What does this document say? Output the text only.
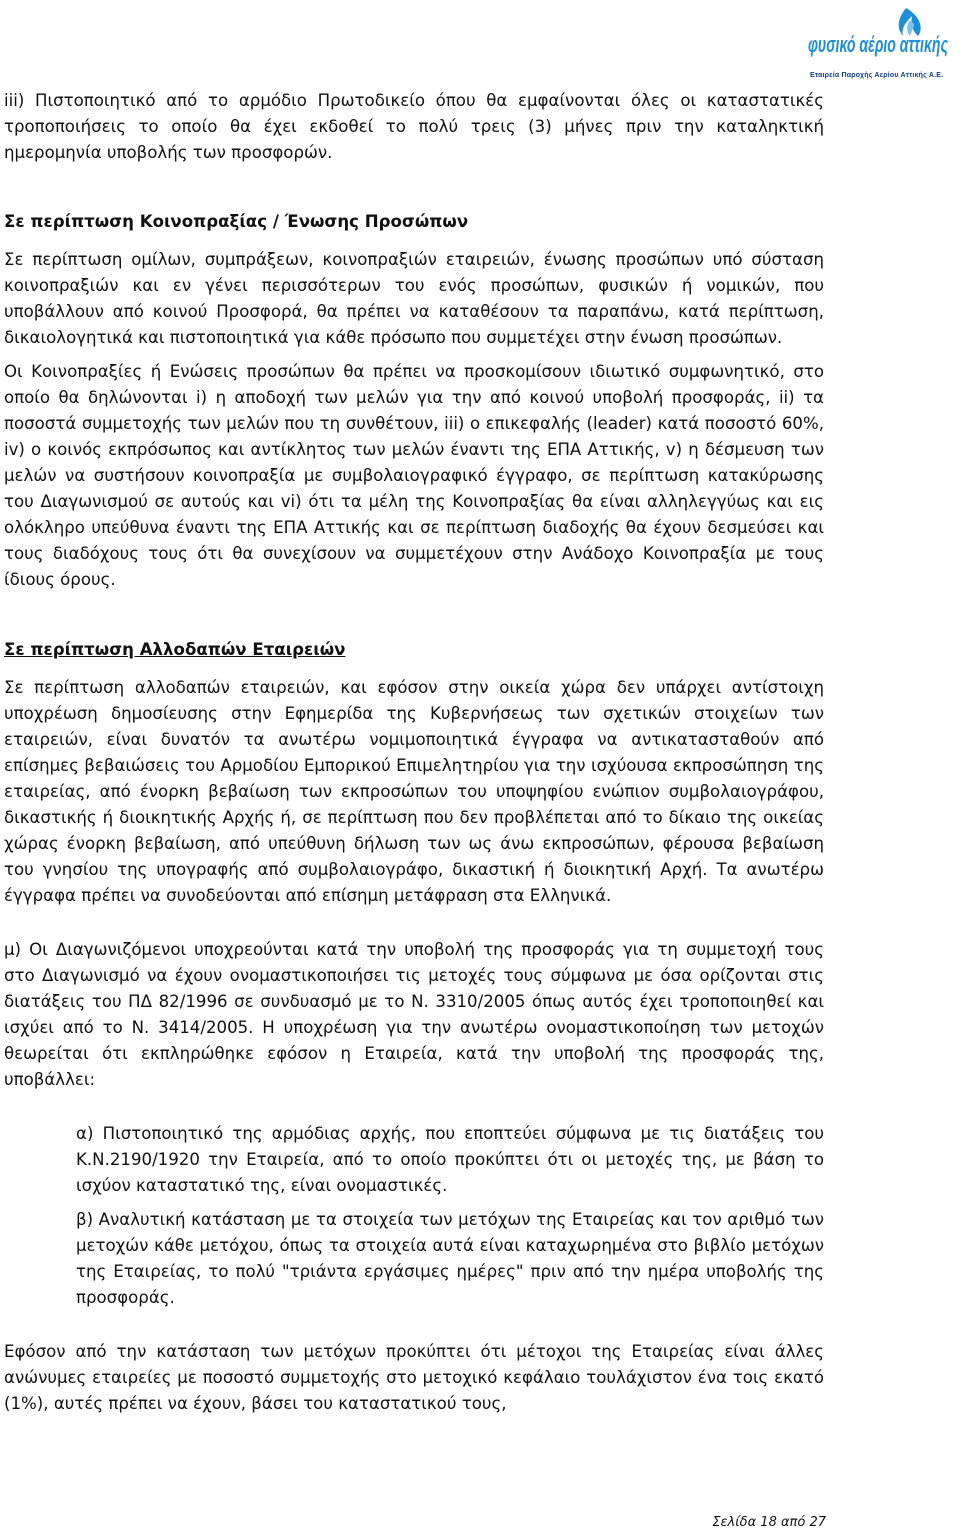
φυσικό αέριο αττικής
Εταιρεία Παροχής Αερίου Αττικής Α.Ε.

iii) Πιστοποιητικό από το αρμόδιο Πρωτοδικείο όπου θα εμφαίνονται όλες οι καταστατικές τροποποιήσεις το οποίο θα έχει εκδοθεί το πολύ τρεις (3) μήνες πριν την καταληκτική ημερομηνία υποβολής των προσφορών.

Σε περίπτωση Κοινοπραξίας / Ένωσης Προσώπων

Σε περίπτωση ομίλων, συμπράξεων, κοινοπραξιών εταιρειών, ένωσης προσώπων υπό σύσταση κοινοπραξιών και εν γένει περισσότερων του ενός προσώπων, φυσικών ή νομικών, που υποβάλλουν από κοινού Προσφορά, θα πρέπει να καταθέσουν τα παραπάνω, κατά περίπτωση, δικαιολογητικά και πιστοποιητικά για κάθε πρόσωπο που συμμετέχει στην ένωση προσώπων.

Οι Κοινοπραξίες ή Ενώσεις προσώπων θα πρέπει να προσκομίσουν ιδιωτικό συμφωνητικό, στο οποίο θα δηλώνονται i) η αποδοχή των μελών για την από κοινού υποβολή προσφοράς, ii) τα ποσοστά συμμετοχής των μελών που τη συνθέτουν, iii) ο επικεφαλής (leader) κατά ποσοστό 60%, iv) ο κοινός εκπρόσωπος και αντίκλητος των μελών έναντι της ΕΠΑ Αττικής, v) η δέσμευση των μελών να συστήσουν κοινοπραξία με συμβολαιογραφικό έγγραφο, σε περίπτωση κατακύρωσης του Διαγωνισμού σε αυτούς και vi) ότι τα μέλη της Κοινοπραξίας θα είναι αλληλεγγύως και εις ολόκληρο υπεύθυνα έναντι της ΕΠΑ Αττικής και σε περίπτωση διαδοχής θα έχουν δεσμεύσει και τους διαδόχους τους ότι θα συνεχίσουν να συμμετέχουν στην Ανάδοχο Κοινοπραξία με τους ίδιους όρους.

Σε περίπτωση Αλλοδαπών Εταιρειών

Σε περίπτωση αλλοδαπών εταιρειών, και εφόσον στην οικεία χώρα δεν υπάρχει αντίστοιχη υποχρέωση δημοσίευσης στην Εφημερίδα της Κυβερνήσεως των σχετικών στοιχείων των εταιρειών, είναι δυνατόν τα ανωτέρω νομιμοποιητικά έγγραφα να αντικατασταθούν από επίσημες βεβαιώσεις του Αρμοδίου Εμπορικού Επιμελητηρίου για την ισχύουσα εκπροσώπηση της εταιρείας, από ένορκη βεβαίωση των εκπροσώπων του υποψηφίου ενώπιον συμβολαιογράφου, δικαστικής ή διοικητικής Αρχής ή, σε περίπτωση που δεν προβλέπεται από το δίκαιο της οικείας χώρας ένορκη βεβαίωση, από υπεύθυνη δήλωση των ως άνω εκπροσώπων, φέρουσα βεβαίωση του γνησίου της υπογραφής από συμβολαιογράφο, δικαστική ή διοικητική Αρχή. Τα ανωτέρω έγγραφα πρέπει να συνοδεύονται από επίσημη μετάφραση στα Ελληνικά.

μ) Οι Διαγωνιζόμενοι υποχρεούνται κατά την υποβολή της προσφοράς για τη συμμετοχή τους στο Διαγωνισμό να έχουν ονομαστικοποιήσει τις μετοχές τους σύμφωνα με όσα ορίζονται στις διατάξεις του ΠΔ 82/1996 σε συνδυασμό με το Ν. 3310/2005 όπως αυτός έχει τροποποιηθεί και ισχύει από το Ν. 3414/2005. Η υποχρέωση για την ανωτέρω ονομαστικοποίηση των μετοχών θεωρείται ότι εκπληρώθηκε εφόσον η Εταιρεία, κατά την υποβολή της προσφοράς της, υποβάλλει:

α) Πιστοποιητικό της αρμόδιας αρχής, που εποπτεύει σύμφωνα με τις διατάξεις του Κ.Ν.2190/1920 την Εταιρεία, από το οποίο προκύπτει ότι οι μετοχές της, με βάση το ισχύον καταστατικό της, είναι ονομαστικές.

β) Αναλυτική κατάσταση με τα στοιχεία των μετόχων της Εταιρείας και τον αριθμό των μετοχών κάθε μετόχου, όπως τα στοιχεία αυτά είναι καταχωρημένα στο βιβλίο μετόχων της Εταιρείας, το πολύ "τριάντα εργάσιμες ημέρες" πριν από την ημέρα υποβολής της προσφοράς.

Εφόσον από την κατάσταση των μετόχων προκύπτει ότι μέτοχοι της Εταιρείας είναι άλλες ανώνυμες εταιρείες με ποσοστό συμμετοχής στο μετοχικό κεφάλαιο τουλάχιστον ένα τοις εκατό (1%), αυτές πρέπει να έχουν, βάσει του καταστατικού τους,

Σελίδα 18 από 27
